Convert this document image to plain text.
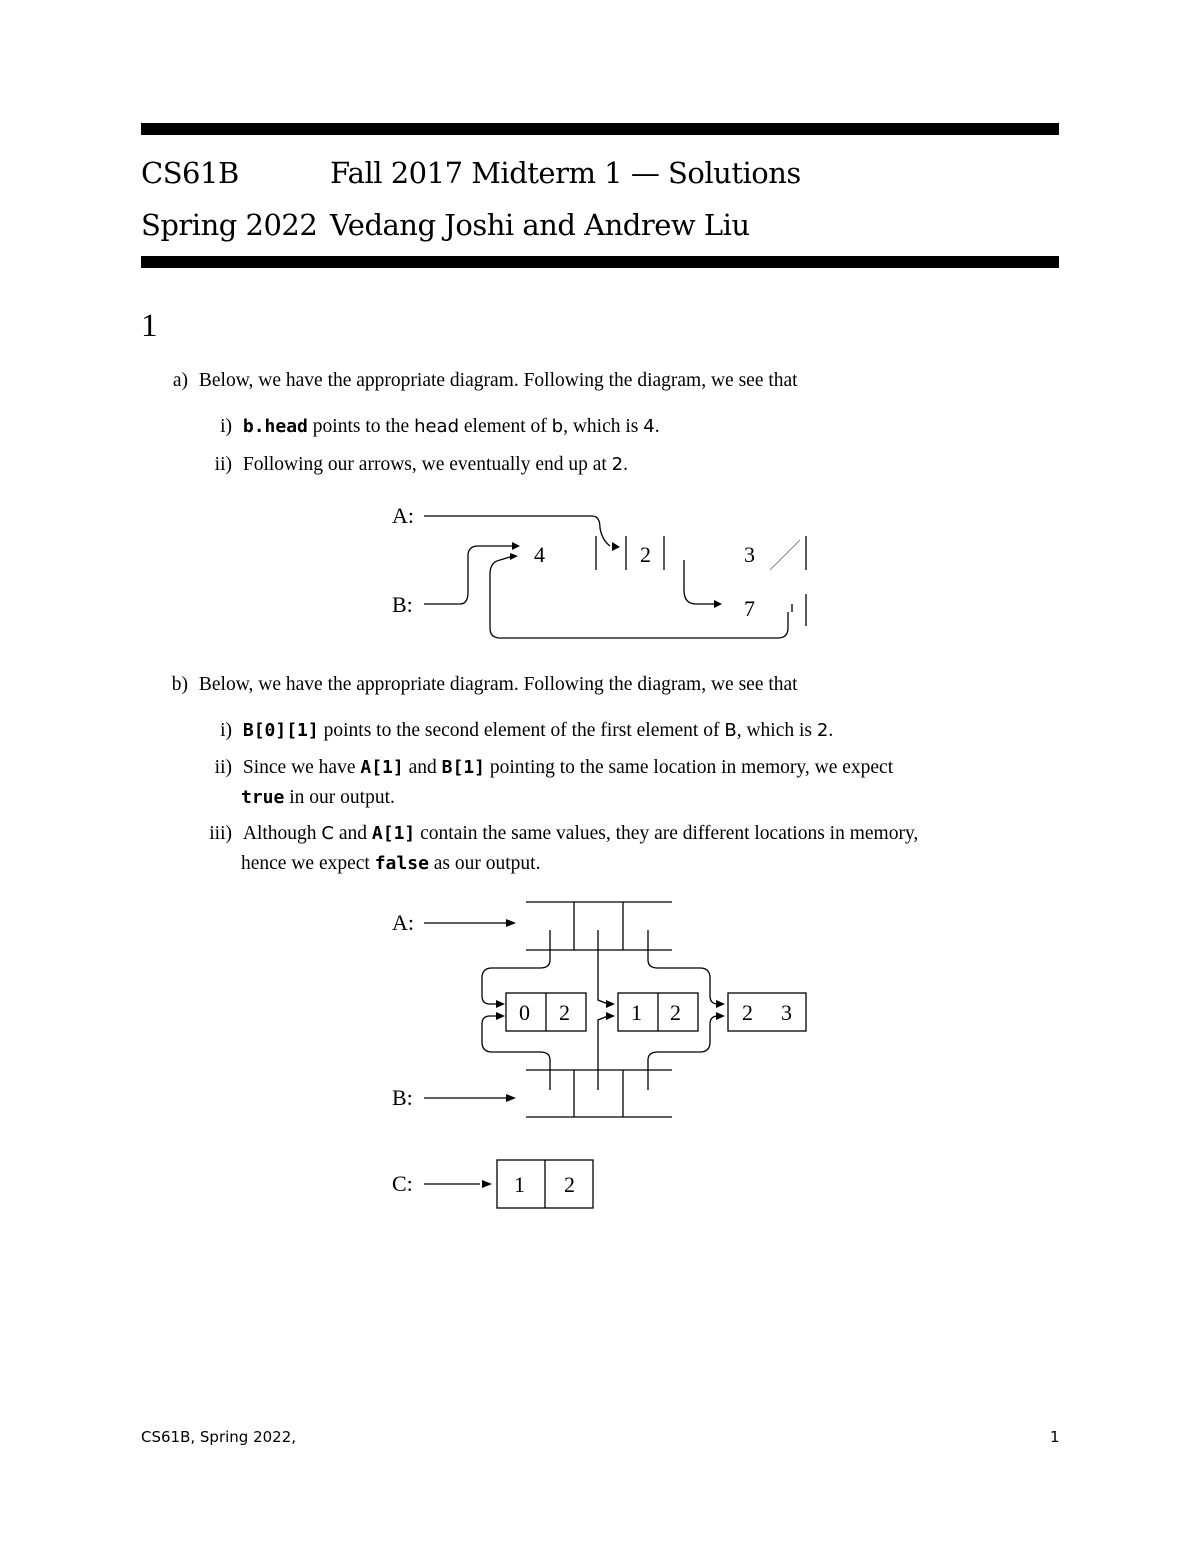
CS61B	Fall 2017 Midterm 1 — Solutions
Spring 2022 Vedang Joshi and Andrew Liu
1
a) Below, we have the appropriate diagram. Following the diagram, we see that
i) b.head points to the head element of b, which is 4.
ii) Following our arrows, we eventually end up at 2.
A:
B:
4	2	3
7
b) Below, we have the appropriate diagram. Following the diagram, we see that
i) B[0][1] points to the second element of the first element of B, which is 2.
ii) Since we have A[1] and B[1] pointing to the same location in memory, we expect
true in our output.
iii) Although C and A[1] contain the same values, they are different locations in memory,
hence we expect false as our output.
A:
B:
C:
0 2	1 2	2 3
1 2
CS61B, Spring 2022,	1
